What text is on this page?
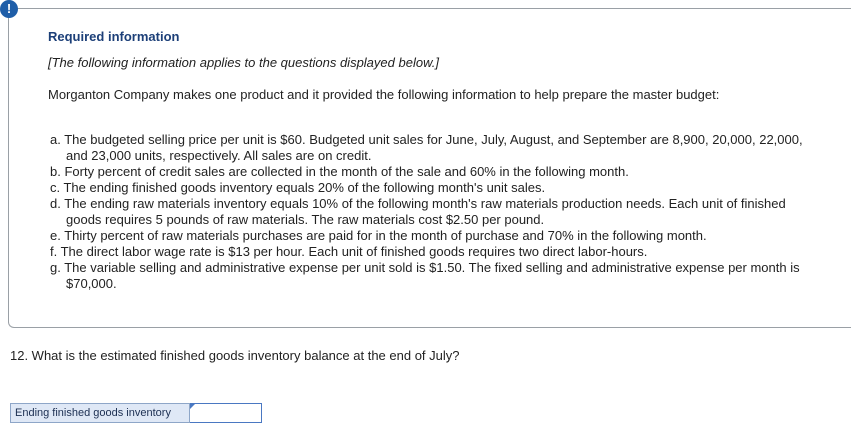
!
Required information
[The following information applies to the questions displayed below.]
Morganton Company makes one product and it provided the following information to help prepare the master budget:
a. The budgeted selling price per unit is $60. Budgeted unit sales for June, July, August, and September are 8,900, 20,000, 22,000, and 23,000 units, respectively. All sales are on credit.
b. Forty percent of credit sales are collected in the month of the sale and 60% in the following month.
c. The ending finished goods inventory equals 20% of the following month's unit sales.
d. The ending raw materials inventory equals 10% of the following month's raw materials production needs. Each unit of finished goods requires 5 pounds of raw materials. The raw materials cost $2.50 per pound.
e. Thirty percent of raw materials purchases are paid for in the month of purchase and 70% in the following month.
f. The direct labor wage rate is $13 per hour. Each unit of finished goods requires two direct labor-hours.
g. The variable selling and administrative expense per unit sold is $1.50. The fixed selling and administrative expense per month is $70,000.
12. What is the estimated finished goods inventory balance at the end of July?
Ending finished goods inventory
